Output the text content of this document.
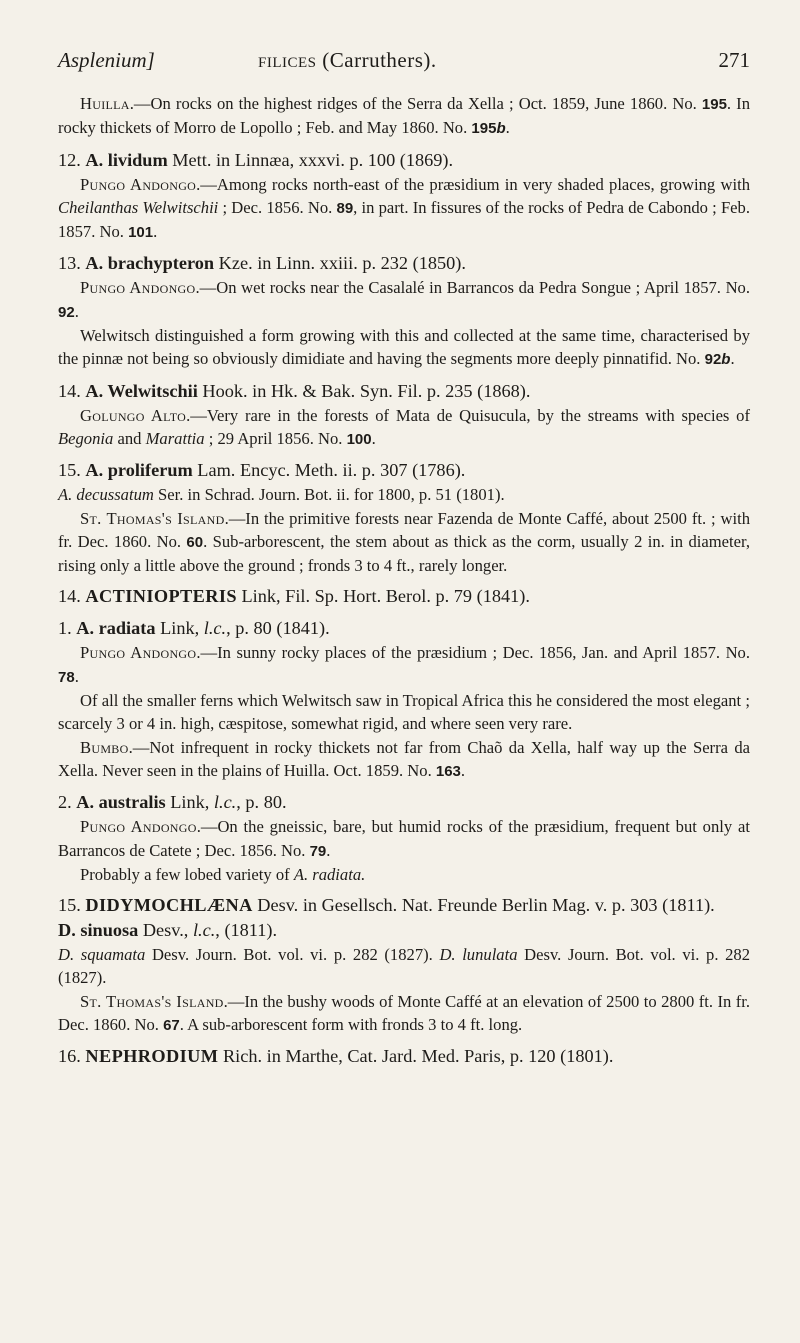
Asplenium]	filices (Carruthers).	271

Huilla.—On rocks on the highest ridges of the Serra da Xella ; Oct. 1859, June 1860. No. 195. In rocky thickets of Morro de Lopollo ; Feb. and May 1860. No. 195b.

12. A. lividum Mett. in Linnæa, xxxvi. p. 100 (1869).

Pungo Andongo.—Among rocks north-east of the præsidium in very shaded places, growing with Cheilanthas Welwitschii ; Dec. 1856. No. 89, in part. In fissures of the rocks of Pedra de Cabondo ; Feb. 1857. No. 101.

13. A. brachypteron Kze. in Linn. xxiii. p. 232 (1850).

Pungo Andongo.—On wet rocks near the Casalalé in Barrancos da Pedra Songue ; April 1857. No. 92.

Welwitsch distinguished a form growing with this and collected at the same time, characterised by the pinnæ not being so obviously dimidiate and having the segments more deeply pinnatifid. No. 92b.

14. A. Welwitschii Hook. in Hk. & Bak. Syn. Fil. p. 235 (1868).

Golungo Alto.—Very rare in the forests of Mata de Quisucula, by the streams with species of Begonia and Marattia ; 29 April 1856. No. 100.

15. A. proliferum Lam. Encyc. Meth. ii. p. 307 (1786).

A. decussatum Ser. in Schrad. Journ. Bot. ii. for 1800, p. 51 (1801).

St. Thomas's Island.—In the primitive forests near Fazenda de Monte Caffé, about 2500 ft. ; with fr. Dec. 1860. No. 60. Sub-arborescent, the stem about as thick as the corm, usually 2 in. in diameter, rising only a little above the ground ; fronds 3 to 4 ft., rarely longer.

14. ACTINIOPTERIS Link, Fil. Sp. Hort. Berol. p. 79 (1841).

1. A. radiata Link, l.c., p. 80 (1841).

Pungo Andongo.—In sunny rocky places of the præsidium ; Dec. 1856, Jan. and April 1857. No. 78.

Of all the smaller ferns which Welwitsch saw in Tropical Africa this he considered the most elegant ; scarcely 3 or 4 in. high, cæspitose, somewhat rigid, and where seen very rare.

Bumbo.—Not infrequent in rocky thickets not far from Chaõ da Xella, half way up the Serra da Xella. Never seen in the plains of Huilla. Oct. 1859. No. 163.

2. A. australis Link, l.c., p. 80.

Pungo Andongo.—On the gneissic, bare, but humid rocks of the præsidium, frequent but only at Barrancos de Catete ; Dec. 1856. No. 79.

Probably a few lobed variety of A. radiata.

15. DIDYMOCHLÆNA Desv. in Gesellsch. Nat. Freunde Berlin Mag. v. p. 303 (1811).

D. sinuosa Desv., l.c., (1811).

D. squamata Desv. Journ. Bot. vol. vi. p. 282 (1827). D. lunulata Desv. Journ. Bot. vol. vi. p. 282 (1827).

St. Thomas's Island.—In the bushy woods of Monte Caffé at an elevation of 2500 to 2800 ft. In fr. Dec. 1860. No. 67. A sub-arborescent form with fronds 3 to 4 ft. long.

16. NEPHRODIUM Rich. in Marthe, Cat. Jard. Med. Paris, p. 120 (1801).
